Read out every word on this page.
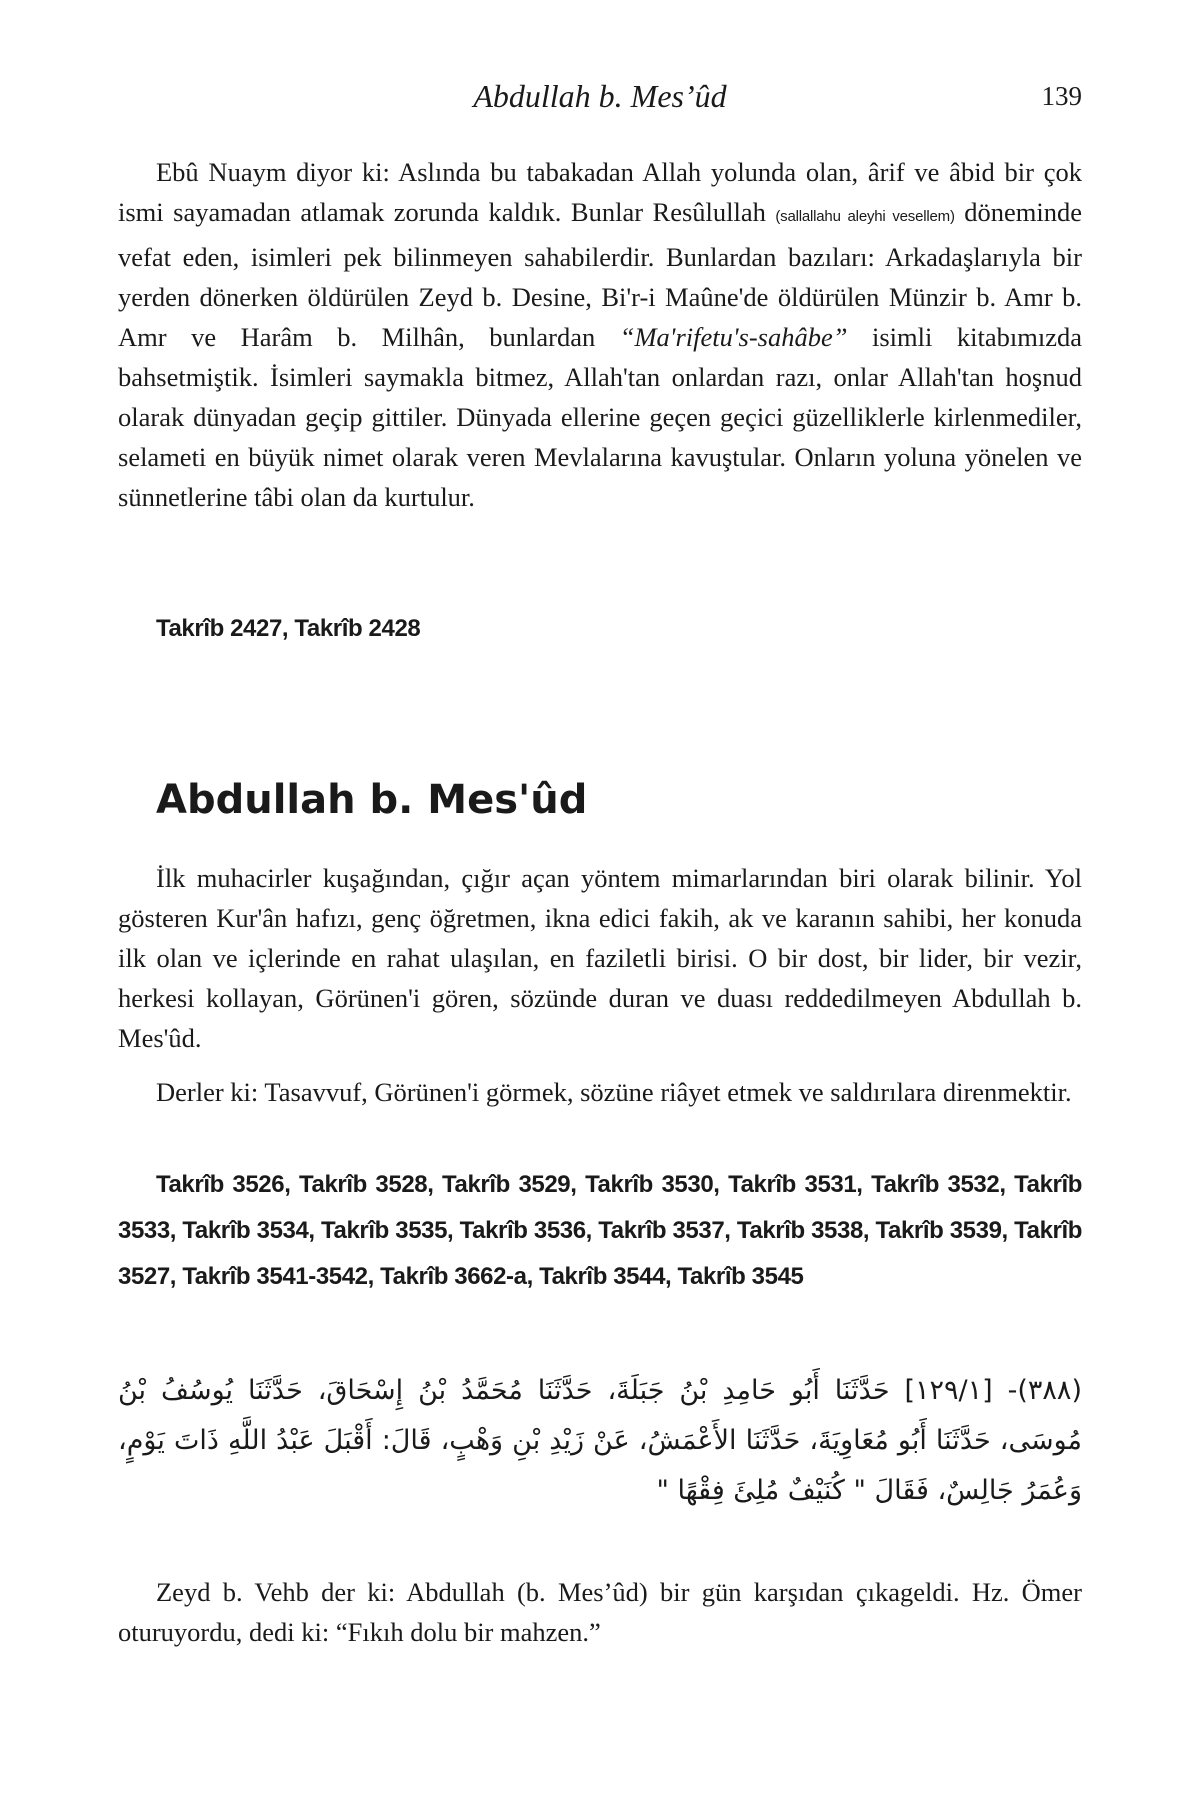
Abdullah b. Mes’ûd	139

Ebû Nuaym diyor ki: Aslında bu tabakadan Allah yolunda olan, ârif ve âbid bir çok ismi sayamadan atlamak zorunda kaldık. Bunlar Resûlullah (sallallahu aleyhi vesellem) döneminde vefat eden, isimleri pek bilinmeyen sahabilerdir. Bunlardan bazıları: Arkadaşlarıyla bir yerden dönerken öldürülen Zeyd b. Desine, Bi'r-i Maûne'de öldürülen Münzir b. Amr b. Amr ve Harâm b. Milhân, bunlardan “Ma'rifetu's-sahâbe” isimli kitabımızda bahsetmiştik. İsimleri saymakla bitmez, Allah'tan onlardan razı, onlar Allah'tan hoşnud olarak dünyadan geçip gittiler. Dünyada ellerine geçen geçici güzelliklerle kirlenmediler, selameti en büyük nimet olarak veren Mevlalarına kavuştular. Onların yoluna yönelen ve sünnetlerine tâbi olan da kurtulur.

Takrîb 2427, Takrîb 2428

Abdullah b. Mes'ûd

İlk muhacirler kuşağından, çığır açan yöntem mimarlarından biri olarak bilinir. Yol gösteren Kur'ân hafızı, genç öğretmen, ikna edici fakih, ak ve karanın sahibi, her konuda ilk olan ve içlerinde en rahat ulaşılan, en faziletli birisi. O bir dost, bir lider, bir vezir, herkesi kollayan, Görünen'i gören, sözünde duran ve duası reddedilmeyen Abdullah b. Mes'ûd.

Derler ki: Tasavvuf, Görünen'i görmek, sözüne riâyet etmek ve saldırılara direnmektir.

Takrîb 3526, Takrîb 3528, Takrîb 3529, Takrîb 3530, Takrîb 3531, Takrîb 3532, Takrîb 3533, Takrîb 3534, Takrîb 3535, Takrîb 3536, Takrîb 3537, Takrîb 3538, Takrîb 3539, Takrîb 3527, Takrîb 3541-3542, Takrîb 3662-a, Takrîb 3544, Takrîb 3545

(٣٨٨)- [١٢٩/١] حَدَّثَنَا أَبُو حَامِدِ بْنُ جَبَلَةَ، حَدَّثَنَا مُحَمَّدُ بْنُ إِسْحَاقَ، حَدَّثَنَا يُوسُفُ بْنُ مُوسَى، حَدَّثَنَا أَبُو مُعَاوِيَةَ، حَدَّثَنَا الأَعْمَشُ، عَنْ زَيْدِ بْنِ وَهْبٍ، قَالَ: أَقْبَلَ عَبْدُ اللَّهِ ذَاتَ يَوْمٍ، وَعُمَرُ جَالِسٌ، فَقَالَ " كُنَيْفٌ مُلِئَ فِقْهًا "

Zeyd b. Vehb der ki: Abdullah (b. Mes’ûd) bir gün karşıdan çıkageldi. Hz. Ömer oturuyordu, dedi ki: “Fıkıh dolu bir mahzen.”
